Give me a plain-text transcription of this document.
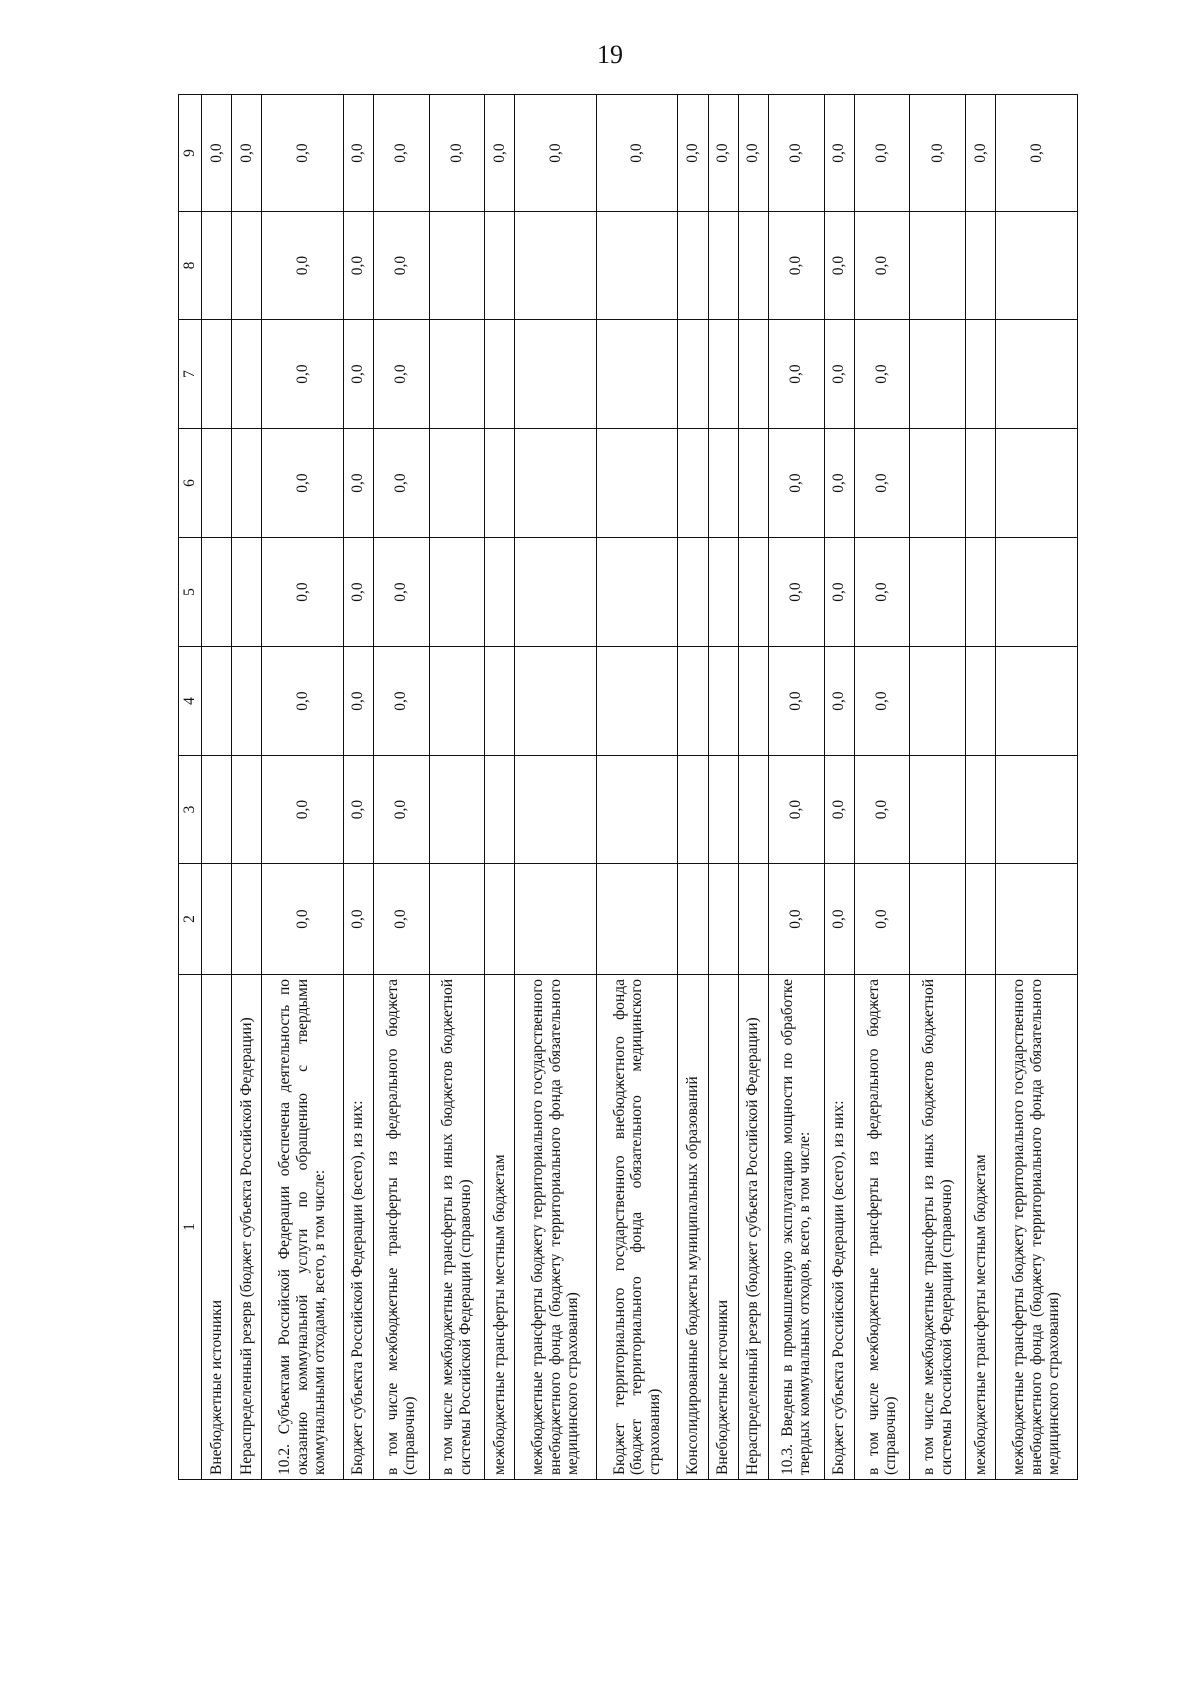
19
1	2	3	4	5	6	7	8	9
Внебюджетные источники								0,0
Нераспределенный резерв (бюджет субъекта Российской Федерации)								0,0
10.2. Субъектами Российской Федерации обеспечена деятельность по оказанию коммунальной услуги по обращению с твердыми коммунальными отходами, всего, в том числе:	0,0	0,0	0,0	0,0	0,0	0,0	0,0	0,0
Бюджет субъекта Российской Федерации (всего), из них:	0,0	0,0	0,0	0,0	0,0	0,0	0,0	0,0
в том числе межбюджетные трансферты из федерального бюджета (справочно)	0,0	0,0	0,0	0,0	0,0	0,0	0,0	0,0
в том числе межбюджетные трансферты из иных бюджетов бюджетной системы Российской Федерации (справочно)								0,0
межбюджетные трансферты местным бюджетам								0,0
межбюджетные трансферты бюджету территориального государственного внебюджетного фонда (бюджету территориального фонда обязательного медицинского страхования)								0,0
Бюджет территориального государственного внебюджетного фонда (бюджет территориального фонда обязательного медицинского страхования)								0,0
Консолидированные бюджеты муниципальных образований								0,0
Внебюджетные источники								0,0
Нераспределенный резерв (бюджет субъекта Российской Федерации)								0,0
10.3. Введены в промышленную эксплуатацию мощности по обработке твердых коммунальных отходов, всего, в том числе:	0,0	0,0	0,0	0,0	0,0	0,0	0,0	0,0
Бюджет субъекта Российской Федерации (всего), из них:	0,0	0,0	0,0	0,0	0,0	0,0	0,0	0,0
в том числе межбюджетные трансферты из федерального бюджета (справочно)	0,0	0,0	0,0	0,0	0,0	0,0	0,0	0,0
в том числе межбюджетные трансферты из иных бюджетов бюджетной системы Российской Федерации (справочно)								0,0
межбюджетные трансферты местным бюджетам								0,0
межбюджетные трансферты бюджету территориального государственного внебюджетного фонда (бюджету территориального фонда обязательного медицинского страхования)								0,0
